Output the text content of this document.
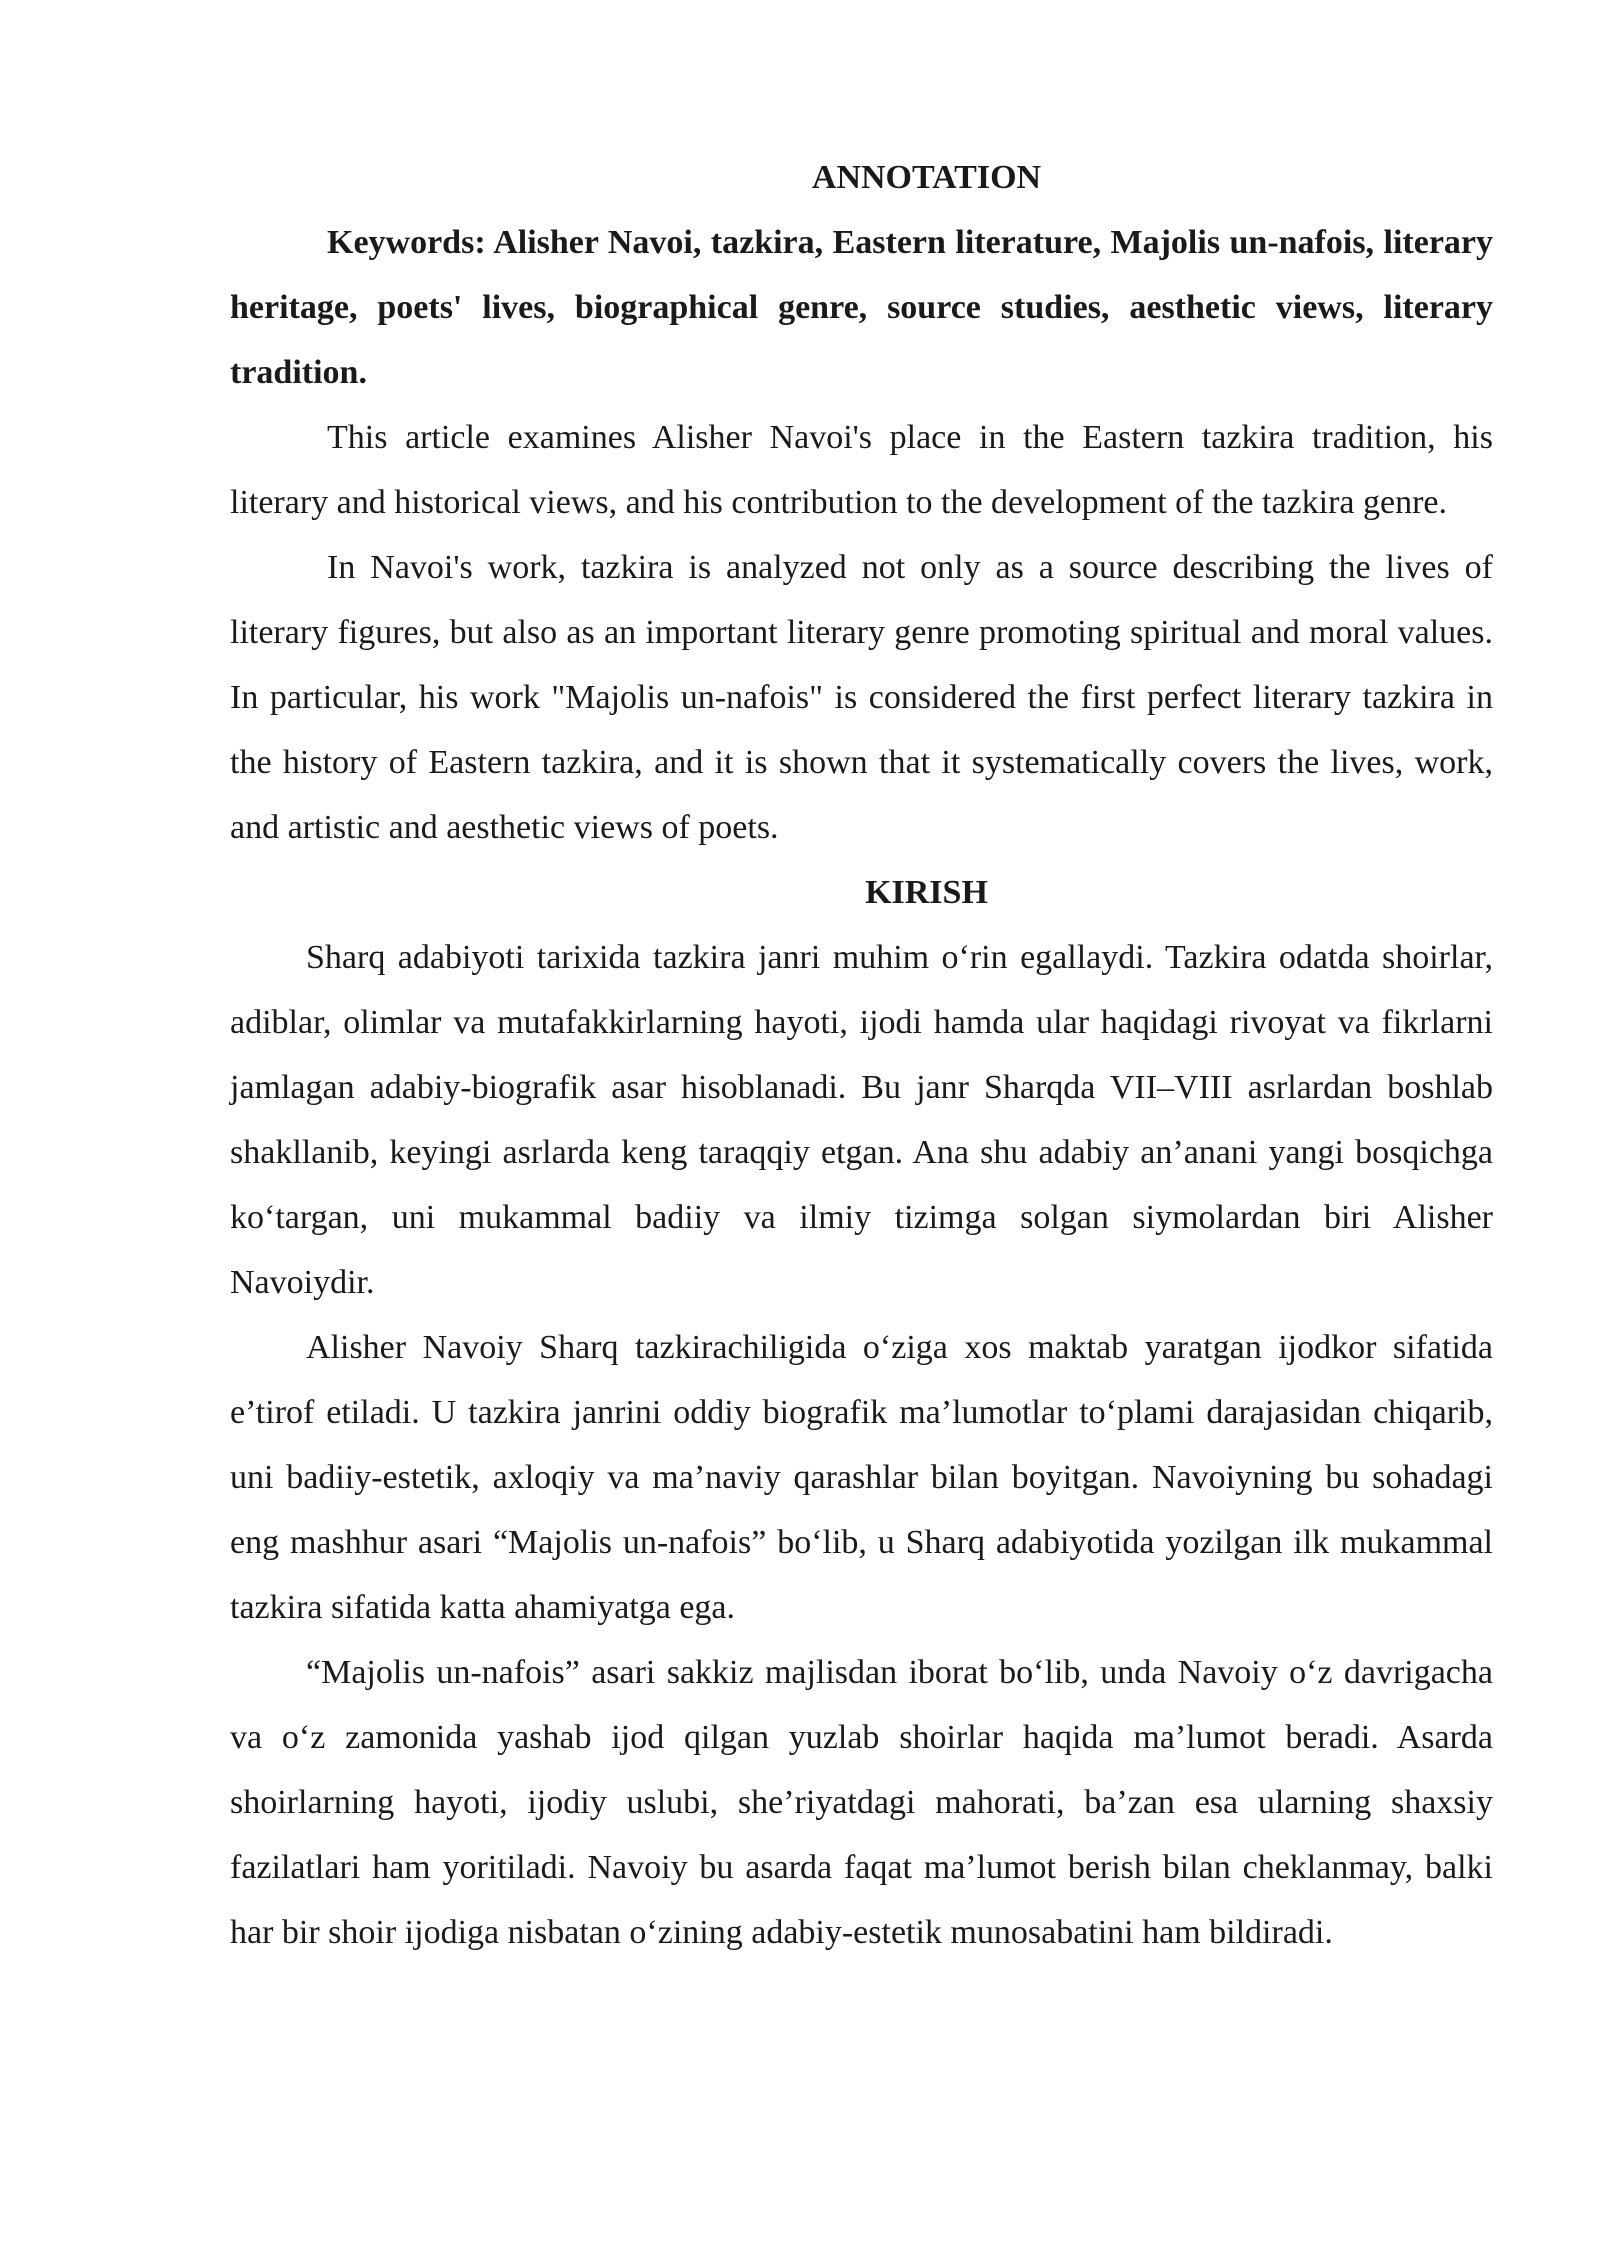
ANNOTATION

Keywords: Alisher Navoi, tazkira, Eastern literature, Majolis un-nafois, literary heritage, poets' lives, biographical genre, source studies, aesthetic views, literary tradition.

This article examines Alisher Navoi's place in the Eastern tazkira tradition, his literary and historical views, and his contribution to the development of the tazkira genre.

In Navoi's work, tazkira is analyzed not only as a source describing the lives of literary figures, but also as an important literary genre promoting spiritual and moral values. In particular, his work "Majolis un-nafois" is considered the first perfect literary tazkira in the history of Eastern tazkira, and it is shown that it systematically covers the lives, work, and artistic and aesthetic views of poets.

KIRISH

Sharq adabiyoti tarixida tazkira janri muhim o‘rin egallaydi. Tazkira odatda shoirlar, adiblar, olimlar va mutafakkirlarning hayoti, ijodi hamda ular haqidagi rivoyat va fikrlarni jamlagan adabiy-biografik asar hisoblanadi. Bu janr Sharqda VII–VIII asrlardan boshlab shakllanib, keyingi asrlarda keng taraqqiy etgan. Ana shu adabiy an’anani yangi bosqichga ko‘targan, uni mukammal badiiy va ilmiy tizimga solgan siymolardan biri Alisher Navoiydir.

Alisher Navoiy Sharq tazkirachiligida o‘ziga xos maktab yaratgan ijodkor sifatida e’tirof etiladi. U tazkira janrini oddiy biografik ma’lumotlar to‘plami darajasidan chiqarib, uni badiiy-estetik, axloqiy va ma’naviy qarashlar bilan boyitgan. Navoiyning bu sohadagi eng mashhur asari “Majolis un-nafois” bo‘lib, u Sharq adabiyotida yozilgan ilk mukammal tazkira sifatida katta ahamiyatga ega.

“Majolis un-nafois” asari sakkiz majlisdan iborat bo‘lib, unda Navoiy o‘z davrigacha va o‘z zamonida yashab ijod qilgan yuzlab shoirlar haqida ma’lumot beradi. Asarda shoirlarning hayoti, ijodiy uslubi, she’riyatdagi mahorati, ba’zan esa ularning shaxsiy fazilatlari ham yoritiladi. Navoiy bu asarda faqat ma’lumot berish bilan cheklanmay, balki har bir shoir ijodiga nisbatan o‘zining adabiy-estetik munosabatini ham bildiradi.
